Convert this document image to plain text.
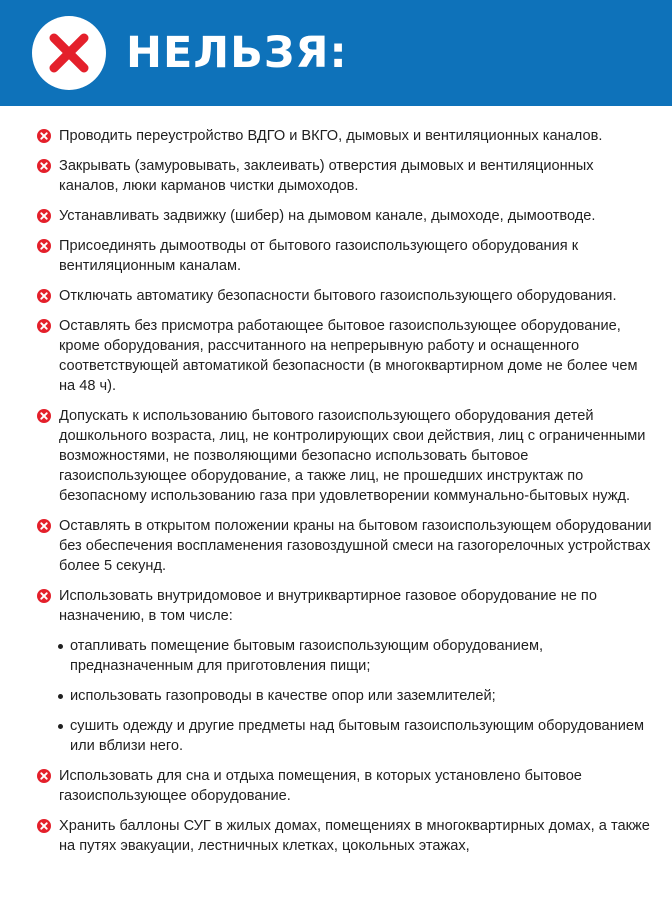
НЕЛЬЗЯ:
Проводить переустройство ВДГО и ВКГО, дымовых и вентиляционных каналов.
Закрывать (замуровывать, заклеивать) отверстия дымовых и вентиляционных каналов, люки карманов чистки дымоходов.
Устанавливать задвижку (шибер) на дымовом канале, дымоходе, дымоотводе.
Присоединять дымоотводы от бытового газоиспользующего оборудования к вентиляционным каналам.
Отключать автоматику безопасности бытового газоиспользующего оборудования.
Оставлять без присмотра работающее бытовое газоиспользующее оборудование, кроме оборудования, рассчитанного на непрерывную работу и оснащенного соответствующей автоматикой безопасности (в многоквартирном доме не более чем на 48 ч).
Допускать к использованию бытового газоиспользующего оборудования детей дошкольного возраста, лиц, не контролирующих свои действия, лиц с ограниченными возможностями, не позволяющими безопасно использовать бытовое газоиспользующее оборудование, а также лиц, не прошедших инструктаж по безопасному использованию газа при удовлетворении коммунально-бытовых нужд.
Оставлять в открытом положении краны на бытовом газоиспользующем оборудовании без обеспечения воспламенения газовоздушной смеси на газогорелочных устройствах более 5 секунд.
Использовать внутридомовое и внутриквартирное газовое оборудование не по назначению, в том числе:
отапливать помещение бытовым газоиспользующим оборудованием, предназначенным для приготовления пищи;
использовать газопроводы в качестве опор или заземлителей;
сушить одежду и другие предметы над бытовым газоиспользующим оборудованием или вблизи него.
Использовать для сна и отдыха помещения, в которых установлено бытовое газоиспользующее оборудование.
Хранить баллоны СУГ в жилых домах, помещениях в многоквартирных домах, а также на путях эвакуации, лестничных клетках, цокольных этажах,
